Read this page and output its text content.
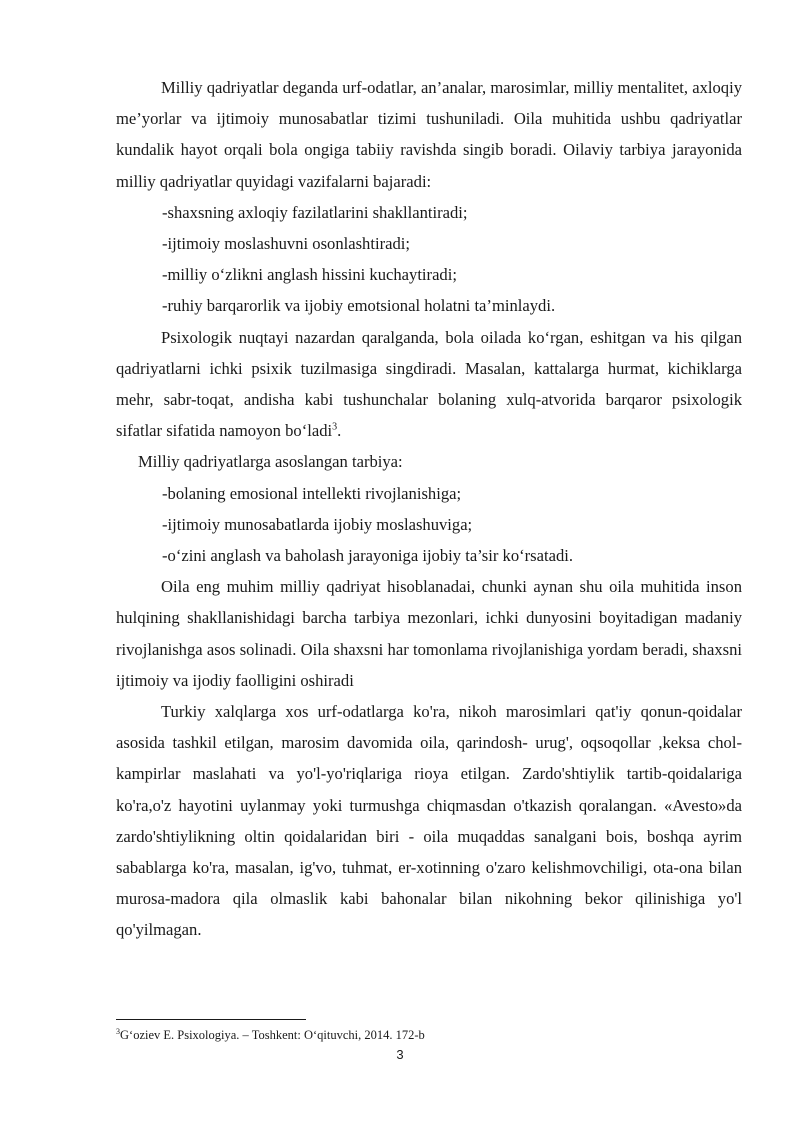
Milliy qadriyatlar deganda urf-odatlar, an’analar, marosimlar, milliy mentalitet, axloqiy me’yorlar va ijtimoiy munosabatlar tizimi tushuniladi. Oila muhitida ushbu qadriyatlar kundalik hayot orqali bola ongiga tabiiy ravishda singib boradi. Oilaviy tarbiya jarayonida milliy qadriyatlar quyidagi vazifalarni bajaradi:

-shaxsning axloqiy fazilatlarini shakllantiradi;

-ijtimoiy moslashuvni osonlashtiradi;

-milliy o‘zlikni anglash hissini kuchaytiradi;

-ruhiy barqarorlik va ijobiy emotsional holatni ta’minlaydi.

Psixologik nuqtayi nazardan qaralganda, bola oilada ko‘rgan, eshitgan va his qilgan qadriyatlarni ichki psixik tuzilmasiga singdiradi. Masalan, kattalarga hurmat, kichiklarga mehr, sabr-toqat, andisha kabi tushunchalar bolaning xulq-atvorida barqaror psixologik sifatlar sifatida namoyon bo‘ladi$^3$.

Milliy qadriyatlarga asoslangan tarbiya:

-bolaning emosional intellekti rivojlanishiga;

-ijtimoiy munosabatlarda ijobiy moslashuviga;

-o‘zini anglash va baholash jarayoniga ijobiy ta’sir ko‘rsatadi.

Oila eng muhim milliy qadriyat hisoblanadai, chunki aynan shu oila muhitida inson hulqining shakllanishidagi barcha tarbiya mezonlari, ichki dunyosini boyitadigan madaniy rivojlanishga asos solinadi. Oila shaxsni har tomonlama rivojlanishiga yordam beradi, shaxsni ijtimoiy va ijodiy faolligini oshiradi

Turkiy xalqlarga xos urf-odatlarga ko'ra, nikoh marosimlari qat'iy qonun-qoidalar asosida tashkil etilgan, marosim davomida oila, qarindosh- urug', oqsoqollar ,keksa chol-kampirlar maslahati va yo'l-yo'riqlariga rioya etilgan. Zardo'shtiylik tartib-qoidalariga ko'ra,o'z hayotini uylanmay yoki turmushga chiqmasdan o'tkazish qoralangan. «Avesto»da zardo'shtiylikning oltin qoidalaridan biri - oila muqaddas sanalgani bois, boshqa ayrim sabablarga ko'ra, masalan, ig'vo, tuhmat, er-xotinning o'zaro kelishmovchiligi, ota-ona bilan murosa-madora qila olmaslik kabi bahonalar bilan nikohning bekor qilinishiga yo'l qo'yilmagan.

$^3$G‘oziev E. Psixologiya. – Toshkent: O‘qituvchi, 2014. 172-b
3
